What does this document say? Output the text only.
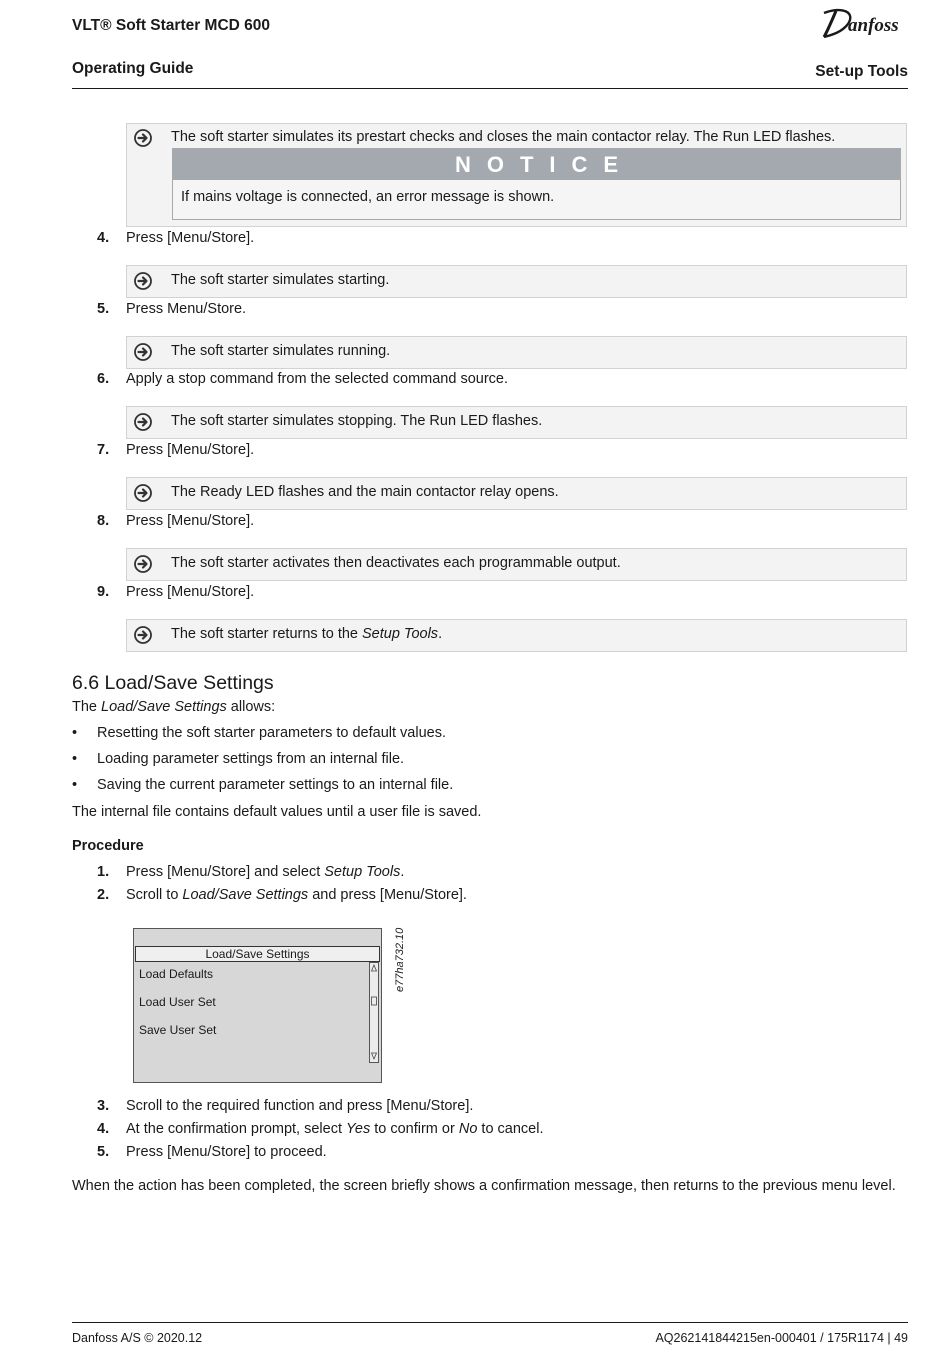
VLT® Soft Starter MCD 600
Operating Guide	Set-up Tools
anfoss
The soft starter simulates its prestart checks and closes the main contactor relay. The Run LED flashes.
NOTICE
If mains voltage is connected, an error message is shown.
4. Press [Menu/Store].
The soft starter simulates starting.
5. Press Menu/Store.
The soft starter simulates running.
6. Apply a stop command from the selected command source.
The soft starter simulates stopping. The Run LED flashes.
7. Press [Menu/Store].
The Ready LED flashes and the main contactor relay opens.
8. Press [Menu/Store].
The soft starter activates then deactivates each programmable output.
9. Press [Menu/Store].
The soft starter returns to the Setup Tools.
6.6 Load/Save Settings
The Load/Save Settings allows:
• Resetting the soft starter parameters to default values.
• Loading parameter settings from an internal file.
• Saving the current parameter settings to an internal file.
The internal file contains default values until a user file is saved.
Procedure
1. Press [Menu/Store] and select Setup Tools.
2. Scroll to Load/Save Settings and press [Menu/Store].
Load/Save Settings
Load Defaults
Load User Set
Save User Set
e77ha732.10
3. Scroll to the required function and press [Menu/Store].
4. At the confirmation prompt, select Yes to confirm or No to cancel.
5. Press [Menu/Store] to proceed.
When the action has been completed, the screen briefly shows a confirmation message, then returns to the previous menu level.
Danfoss A/S © 2020.12	AQ262141844215en-000401 / 175R1174 | 49
